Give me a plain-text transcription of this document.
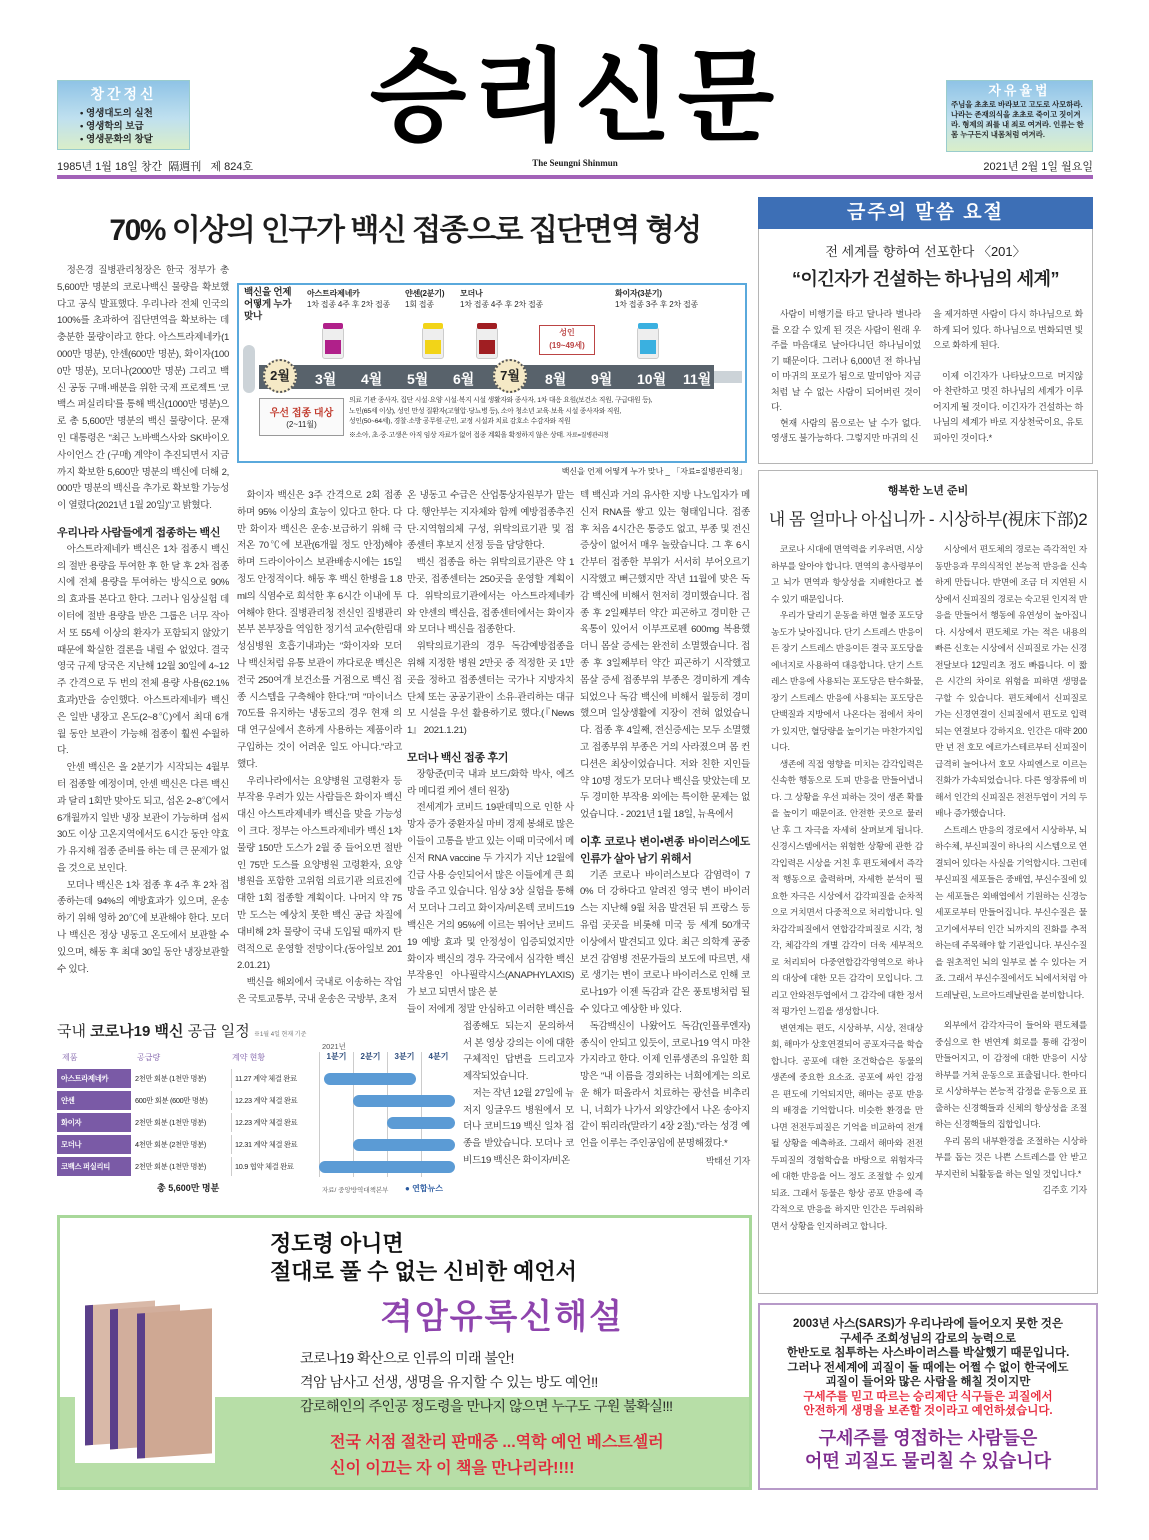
창간정신
• 영생대도의 실천
• 영생학의 보급
• 영생문화의 창달	승리신문	자유율법
주님을 초초로 바라보고 고도로 사모하라. 나라는 존재의식을 초초로 죽이고 짓이겨라. 형제의 죄를 내 죄로 여겨라. 인류는 한 몸 누구든지 내몸처럼 여겨라.
1985년 1월 18일 창간 隔週刊 제 824호	The Seungni Shinmun	2021년 2월 1일 월요일
70% 이상의 인구가 백신 접종으로 집단면역 형성

정은경 질병관리청장은 한국 정부가 총 5,600만 명분의 코로나백신 물량을 확보했다고 공식 발표했다. 우리나라 전체 인국의 100%를 초과하여 집단면역을 확보하는 데 충분한 물량이라고 한다. 아스트라제네카(1000만 명분), 안센(600만 명분), 화이자(1000만 명분), 모더나(2000만 명분) 그리고 백신 공동 구매·배분을 위한 국제 프로젝트 '코백스 퍼실리티'를 통해 백신(1000만 명분)으로 총 5,600만 명분의 백신 물량이다. 문재인 대통령은 "최근 노바백스사와 SK바이오사이언스 간 (구매) 계약이 추진되면서 지금까지 확보한 5,600만 명분의 백신에 더해 2,000만 명분의 백신을 추가로 확보할 가능성이 열렸다(2021년 1월 20일)"고 밝혔다.

우리나라 사람들에게 접종하는 백신

아스트라제네카 백신은 1차 접종시 백신의 절반 용량을 투여한 후 한 달 후 2차 접종시에 전체 용량을 투여하는 방식으로 90%의 효과를 본다고 한다. 그러나 임상실험 데이터에 절반 용량을 받은 그룹은 너무 작아서 또 55세 이상의 환자가 포함되지 않았기 때문에 확실한 결론을 내릴 수 없었다. 결국 영국 규제 당국은 지난해 12월 30일에 4~12주 간격으로 두 번의 전체 용량 사용(62.1% 효과)만을 승인했다. 아스트라제네카 백신은 일반 냉장고 온도(2~8℃)에서 최대 6개월 동안 보관이 가능해 접종이 훨씬 수월하다.

안센 백신은 올 2분기가 시작되는 4월부터 접종할 예정이며, 안센 백신은 다른 백신과 달리 1회만 맞아도 되고, 섭온 2~8℃에서 6개월까지 일반 냉장 보관이 가능하며 섭씨 30도 이상 고온지역에서도 6시간 동안 약효가 유지해 접종 준비를 하는 데 큰 문제가 없을 것으로 보인다.

모더나 백신은 1차 접종 후 4주 후 2차 접종하는데 94%의 예방효과가 있으며, 운송하기 위해 영하 20℃에 보관해야 한다. 모더나 백신은 정상 냉동고 온도에서 보관할 수 있으며, 해동 후 최대 30일 동안 냉장보관할 수 있다.

백신을 언제 어떻게 누가 맞나
2월	3월 4월 5월 6월	7월	8월 9월 10월 11월
아스트라제네카
1차 접종 4주 후 2차 접종
얀센(2분기)
1회 접종
모더나
1차 접종 4주 후 2차 접종
화이자(3분기)
1차 접종 3주 후 2차 접종
성인
(19~49세)
우선 접종 대상
(2~11월)
의료 기관 종사자, 집단 시설·요양 시설·복지 시설 생활자와 종사자, 1차 대응 요원(보건소 직원, 구급대원 등),
노인(65세 이상), 성인 만성 질환자(고혈압·당뇨병 등), 소아 청소년 교육·보육 시설 종사자와 직원,
성인(50~64세), 경찰·소방 공무원·군인, 교정 시설과 치료 감호소 수감자와 직원
※소아, 초·중·고생은 아직 임상 자료가 없어 접종 계획을 확정하지 않은 상태. 자료=질병관리청
백신을 언제 어떻게 누가 맞나 _ 「자료=질병관리청」

화이자 백신은 3주 간격으로 2회 접종하며 95% 이상의 효능이 있다고 한다. 다만 화이자 백신은 운송·보급하기 위해 극저온 70℃에 보관(6개월 정도 안정)해야 하며 드라이아이스 보관배송시에는 15일 정도 안정적이다. 해동 후 백신 한병을 1.8ml의 식염수로 희석한 후 6시간 이내에 투여해야 한다. 질병관리청 전신인 질병관리본부 본부장을 역임한 정기석 교수(한림대성심병원 호흡기내과)는 "화이자와 모더나 백신처럼 유통 보관이 까다로운 백신은 전국 250여개 보건소를 거점으로 백신 접종 시스템을 구축해야 한다."며 "마이너스 70도를 유지하는 냉동고의 경우 현재 의대 연구실에서 흔하게 사용하는 제품이라 구입하는 것이 어려운 일도 아니다."라고 했다.

우리나라에서는 요양병원 고령환자 등 부작용 우려가 있는 사람들은 화이자 백신 대신 아스트라제네카 백신을 맞을 가능성이 크다. 정부는 아스트라제네카 백신 1차 물량 150만 도스가 2월 중 들어오면 절반인 75만 도스를 요양병원 고령환자, 요양병원을 포함한 고위험 의료기관 의료진에 대한 1회 접종할 계획이다. 나머지 약 75만 도스는 예상치 못한 백신 공급 차질에 대비해 2차 물량이 국내 도입될 때까지 탄력적으로 운영할 전망이다.(동아일보 2012.01.21)

백신을 해외에서 국내로 이송하는 작업은 국토교통부, 국내 운송은 국방부, 초저

온 냉동고 수급은 산업통상자원부가 맡는다. 행안부는 지자체와 함께 예방접종추진단·지역협의체 구성, 위탁의료기관 및 접종센터 후보지 선정 등을 담당한다.

백신 접종을 하는 위탁의료기관은 약 1만곳, 접종센터는 250곳을 운영할 계획이다. 위탁의료기관에서는 아스트라제네카와 얀센의 백신을, 접종센터에서는 화이자와 모더나 백신을 접종한다.

위탁의료기관의 경우 독감예방접종을 위해 지정한 병원 2만곳 중 적정한 곳 1만곳을 정하고 접종센터는 국가나 지방자치단체 또는 공공기관이 소유·관리하는 대규모 시설을 우선 활용하기로 했다.(『News1』 2021.1.21)

모더나 백신 접종 후기

장항준(미국 내과 보드/화학 박사, 에즈라 메디컬 케어 센터 원장)

전세계가 코비드 19판데믹으로 인한 사망자 증가 중환자실 마비 경제 봉쇄로 많은 이들이 고통을 받고 있는 이때 미국에서 메신저 RNA vaccine 두 가지가 지난 12월에 긴급 사용 승인되어서 많은 이들에게 큰 희망을 주고 있습니다. 임상 3상 실험을 통해서 모더나 그리고 화이자/비온텍 코비드19 백신은 거의 95%에 이르는 뛰어난 코비드19 예방 효과 및 안정성이 입증되었지만 화이자 백신의 경우 각국에서 심각한 백신 부작용인 아나필락시스(ANAPHYLAXIS)가 보고 되면서 많은 분

들이 저에게 정말 안심하고 이러한 백신을 접종해도 되는지 문의하셔서 본 영상 강의는 이에 대한 구체적인 답변을 드리고자 제작되었습니다.

저는 작년 12월 27일에 뉴저지 잉글우드 병원에서 모더나 코비드19 백신 일차 접종을 받았습니다. 모더나 코비드19 백신은 화이자/비온

텍 백신과 거의 유사한 지방 나노입자가 메신저 RNA를 쌓고 있는 형태입니다. 접종 후 처음 4시간은 통증도 없고, 부종 및 전신 증상이 없어서 매우 놀랐습니다. 그 후 6시간부터 접종한 부위가 서서히 부어오르기 시작했고 뻐근했지만 작년 11월에 맞은 독감 백신에 비해서 현저히 경미했습니다. 접종 후 2일째부터 약간 피곤하고 경미한 근육통이 있어서 이부프로펜 600mg 복용했더니 몸살 증세는 완전히 소멸했습니다. 접종 후 3일째부터 약간 피곤하기 시작했고 몸살 증세 접종부위 부종은 경미하게 계속되었으나 독감 백신에 비해서 월등히 경미했으며 일상생활에 지장이 전혀 없었습니다. 접종 후 4일째, 전신증세는 모두 소멸했고 접종부위 부종은 거의 사라졌으며 몸 컨디션은 최상이었습니다. 저와 친한 지인들 약 10명 정도가 모더나 백신을 맞았는데 모두 경미한 부작용 외에는 특이한 문제는 없었습니다. - 2021년 1월 18일, 뉴욕에서

이후 코로나 변이•변종 바이러스에도 인류가 살아 남기 위해서

기존 코로나 바이러스보다 감염력이 70% 더 강하다고 알려진 영국 변이 바이러스는 지난해 9월 처음 발견된 뒤 프랑스 등 유럽 곳곳을 비롯해 미국 등 세계 50개국 이상에서 발견되고 있다. 최근 의학계 공중보건 감염병 전문가들의 보도에 따르면, 새로 생기는 변이 코로나 바이러스로 인해 코로나19가 이젠 독감과 같은 풍토병처럼 될 수 있다고 예상한 바 있다.

독감백신이 나왔어도 독감(인플루엔자) 종식이 안되고 있듯이, 코로나19 역시 마찬가지라고 한다. 이제 인류생존의 유일한 희망은 "내 이름을 경외하는 너희에게는 의로운 해가 떠올라서 치료하는 광선을 비추리니, 너희가 나가서 외양간에서 나온 송아지 같이 뛰리라(말라기 4장 2절)."라는 성경 예언을 이루는 주인공임에 분명해졌다.*

박태선 기자
국내 코로나19 백신 공급 일정 ※1월 4일 현재 기준
2021년
제품	공급량	계약 현황	1분기	2분기	3분기	4분기
아스트라제네카	2천만 회분 (1천만 명분)	11.27 계약 체결 완료
얀센	600만 회분 (600만 명분)	12.23 계약 체결 완료
화이자	2천만 회분 (1천만 명분)	12.23 계약 체결 완료
모더나	4천만 회분 (2천만 명분)	12.31 계약 체결 완료
코백스 퍼실리티	2천만 회분 (1천만 명분)	10.9 협약 체결 완료
총 5,600만 명분	자료/ 중앙방역대책본부 ● 연합뉴스
금주의 말씀 요절
전 세계를 향하여 선포한다 〈201〉
“이긴자가 건설하는 하나님의 세계”

사람이 비행기를 타고 달나라 별나라를 오갈 수 있게 된 것은 사람이 원래 우주를 마음대로 날아다니던 하나님이었기 때문이다. 그러나 6,000년 전 하나님이 마귀의 포로가 됨으로 말미암아 지금처럼 날 수 없는 사람이 되어버린 것이다.

현재 사람의 몸으로는 날 수가 없다. 영생도 불가능하다. 그렇지만 마귀의 신

을 제거하면 사람이 다시 하나님으로 화하게 되어 있다. 하나님으로 변화되면 빛으로 화하게 된다.

이제 이긴자가 나타났으므로 머지않아 찬란하고 멋진 하나님의 세계가 이루어지게 될 것이다. 이긴자가 건설하는 하나님의 세계가 바로 지상천국이요, 유토피아인 것이다.*

행복한 노년 준비
내 몸 얼마나 아십니까 - 시상하부(視床下部)2

코로나 시대에 면역력을 키우려면, 시상하부를 알아야 합니다. 면역의 총사령부이고 뇌가 면역과 항상성을 지배한다고 볼 수 있기 때문입니다.

우리가 달리기 운동을 하면 혈중 포도당 농도가 낮아집니다. 단기 스트레스 반응이든 장기 스트레스 반응이든 결국 포도당을 에너지로 사용하여 대응합니다. 단기 스트레스 반응에 사용되는 포도당은 탄수화물, 장기 스트레스 반응에 사용되는 포도당은 단백질과 지방에서 나온다는 점에서 차이가 있지만, 혈당량을 높이기는 마찬가지입니다.

생존에 직접 영향을 미치는 감각입력은 신속한 행동으로 도피 반응을 만들어냅니다. 그 상황을 우선 피하는 것이 생존 확률을 높이기 때문이죠. 안전한 곳으로 물러난 후 그 자극을 자세히 살펴보게 됩니다. 신경시스템에서는 위험한 상황에 관한 감각입력은 시상을 거친 후 편도체에서 즉각적 행동으로 출력하며, 자세한 분석이 필요한 자극은 시상에서 감각피질을 순차적으로 거치면서 다중적으로 처리합니다. 일차감각피질에서 연합감각피질로 시각, 청각, 체감각의 개별 감각이 더욱 세부적으로 처리되어 다중연합감각영역으로 하나의 대상에 대한 모든 감각이 모입니다. 그리고 안와전두엽에서 그 감각에 대한 정서적 평가인 느낌을 생성합니다.

변연계는 편도, 시상하부, 시상, 전대상회, 해마가 상호연결되어 공포자극을 학습합니다. 공포에 대한 조건학습은 동물의 생존에 중요한 요소죠. 공포에 싸인 감정은 편도에 기억되지만, 해마는 공포 반응의 배경을 기억합니다. 비슷한 환경을 만나면 전전두피질은 기억을 비교하여 전개될 상황을 예측하죠. 그래서 해마와 전전두피질의 경험학습을 바탕으로 위험자극에 대한 반응을 어느 정도 조절할 수 있게 되죠. 그래서 동물은 항상 공포 반응에 즉각적으로 반응을 하지만 인간은 두려워하면서 상황을 인지하려고 합니다.

시상에서 편도체의 경로는 즉각적인 자동반응과 무의식적인 본능적 반응을 신속하게 만듭니다. 반면에 조금 더 지연된 시상에서 신피질의 경로는 숙고된 인지적 반응을 만들어서 행동에 유연성이 높아집니다. 시상에서 편도체로 가는 적은 내용의 빠른 신호는 시상에서 신피질로 가는 신경전달보다 12밀리초 정도 빠릅니다. 이 짧은 시간의 차이로 위험을 피하면 생명을 구할 수 있습니다. 편도체에서 신피질로 가는 신경연결이 신피질에서 편도로 입력되는 연결보다 강하지요. 인간은 대략 200만 년 전 호모 에르가스테르부터 신피질이 급격히 늘어나서 호모 사피엔스로 이르는 진화가 가속되었습니다. 다른 영장류에 비해서 인간의 신피질은 전전두엽이 거의 두 배나 증가했습니다.

스트레스 반응의 경로에서 시상하부, 뇌하수체, 부신피질이 하나의 시스템으로 연결되어 있다는 사실을 기억합시다. 그런데 부신피질 세포들은 중배엽, 부신수질에 있는 세포들은 외배엽에서 기원하는 신경능세포로부터 만들어집니다. 부신수질은 물고기에서부터 인간 뇌까지의 진화를 추적하는데 주목해야 할 기관입니다. 부신수질을 원초적인 뇌의 일부로 볼 수 있다는 거죠. 그래서 부신수질에서도 뇌에서처럼 아드레날린, 노르아드레날린을 분비합니다.

외부에서 감각자극이 들어와 편도체를 중심으로 한 변연계 회로를 통해 감정이 만들어지고, 이 감정에 대한 반응이 시상하부를 거쳐 운동으로 표출됩니다. 한마디로 시상하부는 본능적 감정을 운동으로 표출하는 신경핵들과 신체의 항상성을 조절하는 신경핵들의 집합입니다.

우리 몸의 내부환경을 조절하는 시상하부를 돕는 것은 나쁜 스트레스를 안 받고 부지런히 뇌활동을 하는 일일 것입니다.*

김주호 기자
정도령 아니면
절대로 풀 수 없는 신비한 예언서
격암유록신해설
코로나19 확산으로 인류의 미래 불안!
격암 남사고 선생, 생명을 유지할 수 있는 방도 예언!!
감로해인의 주인공 정도령을 만나지 않으면 누구도 구원 불확실!!!
전국 서점 절찬리 판매중 ...역학 예언 베스트셀러
신이 이끄는 자 이 책을 만나리라!!!!
2003년 사스(SARS)가 우리나라에 들어오지 못한 것은
구세주 조희성님의 감로의 능력으로
한반도로 침투하는 사스바이러스를 박살했기 때문입니다.
그러나 전세계에 괴질이 돌 때에는 어쩔 수 없이 한국에도
괴질이 들어와 많은 사람을 해칠 것이지만
구세주를 믿고 따르는 승리제단 식구들은 괴질에서
안전하게 생명을 보존할 것이라고 예언하셨습니다.
구세주를 영접하는 사람들은
어떤 괴질도 물리칠 수 있습니다
